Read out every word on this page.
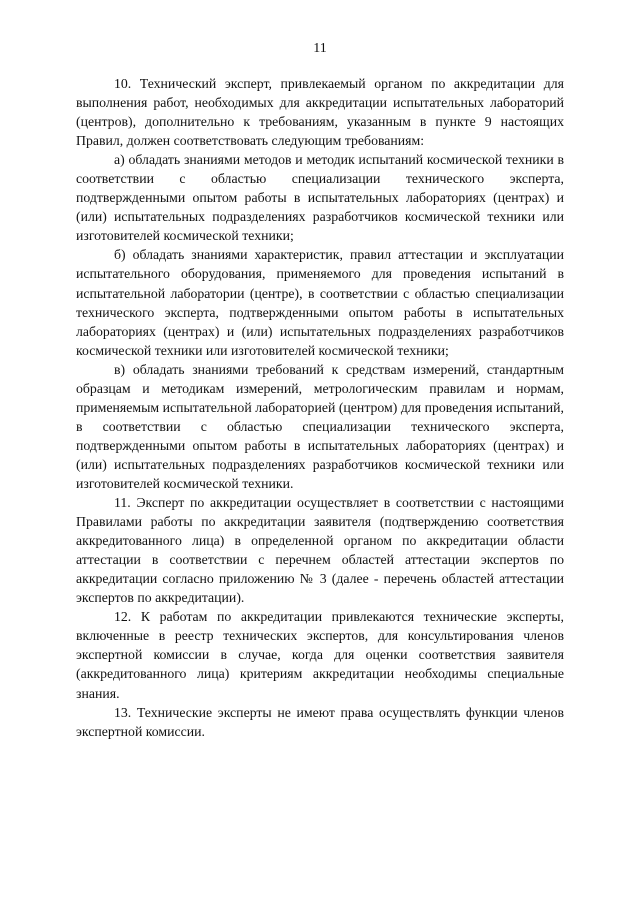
11

10. Технический эксперт, привлекаемый органом по аккредитации для выполнения работ, необходимых для аккредитации испытательных лабораторий (центров), дополнительно к требованиям, указанным в пункте 9 настоящих Правил, должен соответствовать следующим требованиям:

а) обладать знаниями методов и методик испытаний космической техники в соответствии с областью специализации технического эксперта, подтвержденными опытом работы в испытательных лабораториях (центрах) и (или) испытательных подразделениях разработчиков космической техники или изготовителей космической техники;

б) обладать знаниями характеристик, правил аттестации и эксплуатации испытательного оборудования, применяемого для проведения испытаний в испытательной лаборатории (центре), в соответствии с областью специализации технического эксперта, подтвержденными опытом работы в испытательных лабораториях (центрах) и (или) испытательных подразделениях разработчиков космической техники или изготовителей космической техники;

в) обладать знаниями требований к средствам измерений, стандартным образцам и методикам измерений, метрологическим правилам и нормам, применяемым испытательной лабораторией (центром) для проведения испытаний, в соответствии с областью специализации технического эксперта, подтвержденными опытом работы в испытательных лабораториях (центрах) и (или) испытательных подразделениях разработчиков космической техники или изготовителей космической техники.

11. Эксперт по аккредитации осуществляет в соответствии с настоящими Правилами работы по аккредитации заявителя (подтверждению соответствия аккредитованного лица) в определенной органом по аккредитации области аттестации в соответствии с перечнем областей аттестации экспертов по аккредитации согласно приложению № 3 (далее - перечень областей аттестации экспертов по аккредитации).

12. К работам по аккредитации привлекаются технические эксперты, включенные в реестр технических экспертов, для консультирования членов экспертной комиссии в случае, когда для оценки соответствия заявителя (аккредитованного лица) критериям аккредитации необходимы специальные знания.

13. Технические эксперты не имеют права осуществлять функции членов экспертной комиссии.
